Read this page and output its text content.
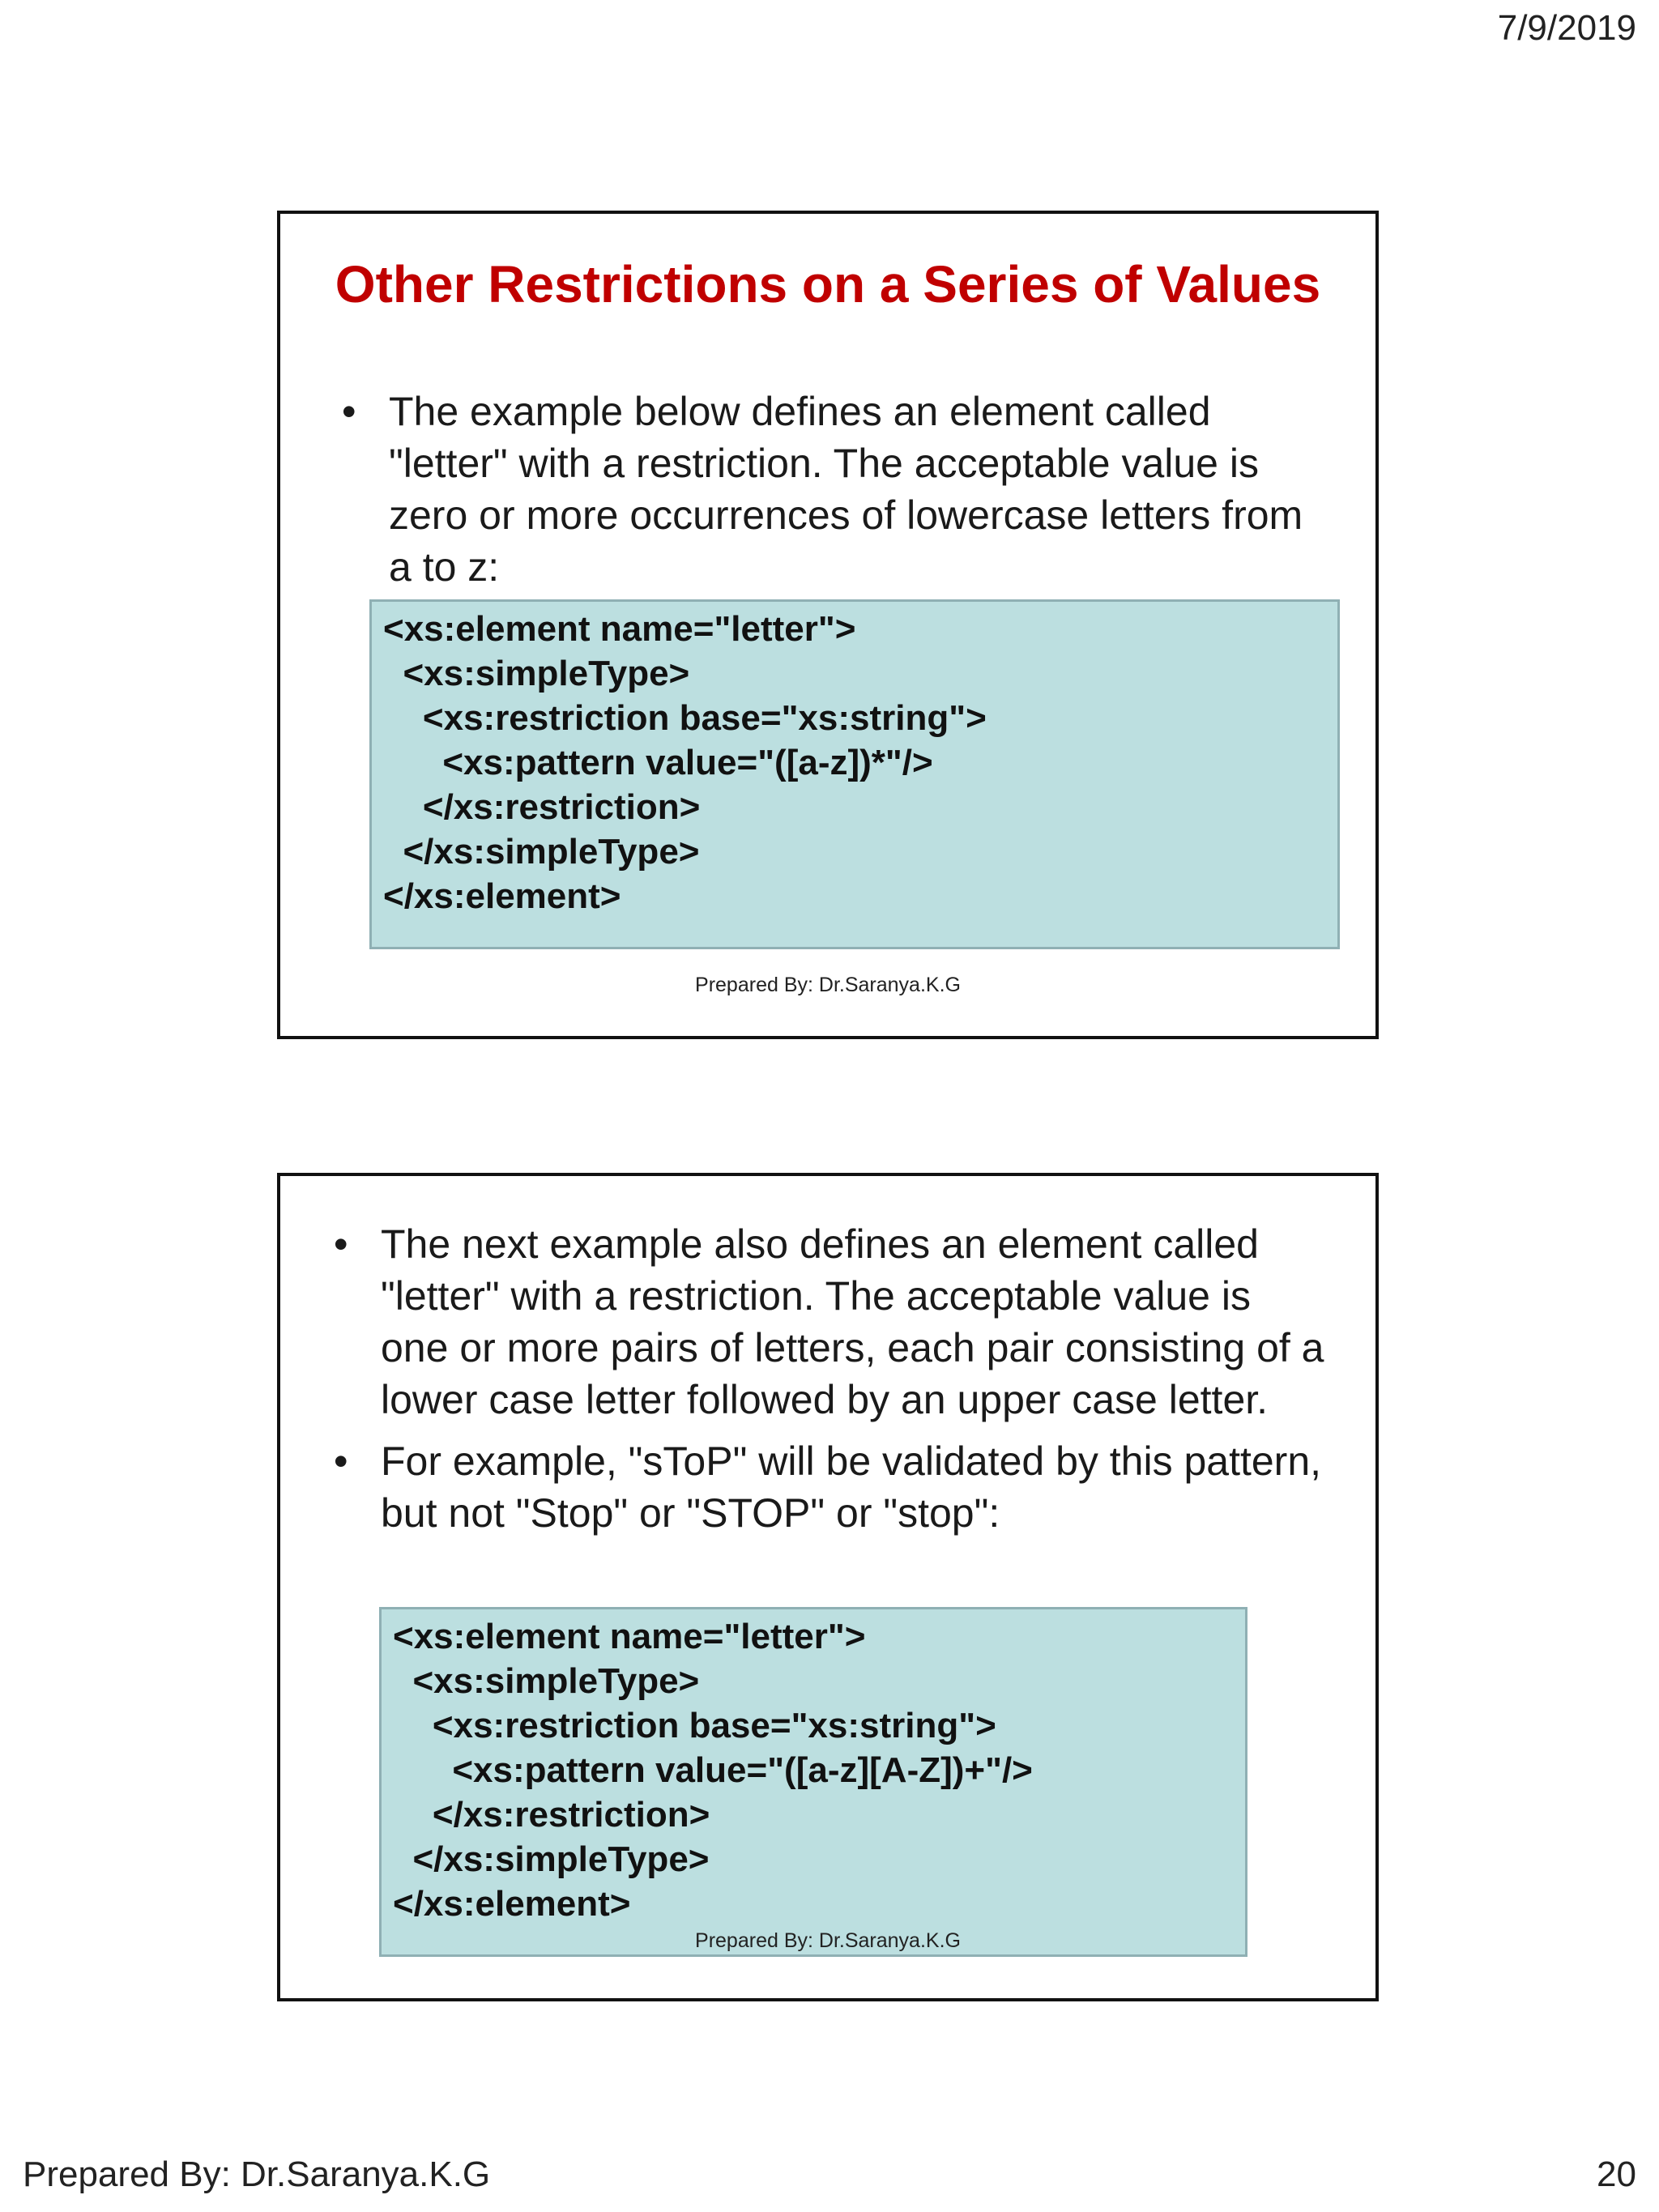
7/9/2019
Other Restrictions on a Series of Values
• The example below defines an element called "letter" with a restriction. The acceptable value is zero or more occurrences of lowercase letters from a to z:
<xs:element name="letter">
<xs:simpleType>
<xs:restriction base="xs:string">
<xs:pattern value="([a-z])*"/>
</xs:restriction>
</xs:simpleType>
</xs:element>
Prepared By: Dr.Saranya.K.G
• The next example also defines an element called "letter" with a restriction. The acceptable value is one or more pairs of letters, each pair consisting of a lower case letter followed by an upper case letter.
• For example, "sToP" will be validated by this pattern, but not "Stop" or "STOP" or "stop":
<xs:element name="letter">
<xs:simpleType>
<xs:restriction base="xs:string">
<xs:pattern value="([a-z][A-Z])+"/>
</xs:restriction>
</xs:simpleType>
</xs:element>
Prepared By: Dr.Saranya.K.G
Prepared By: Dr.Saranya.K.G	20
